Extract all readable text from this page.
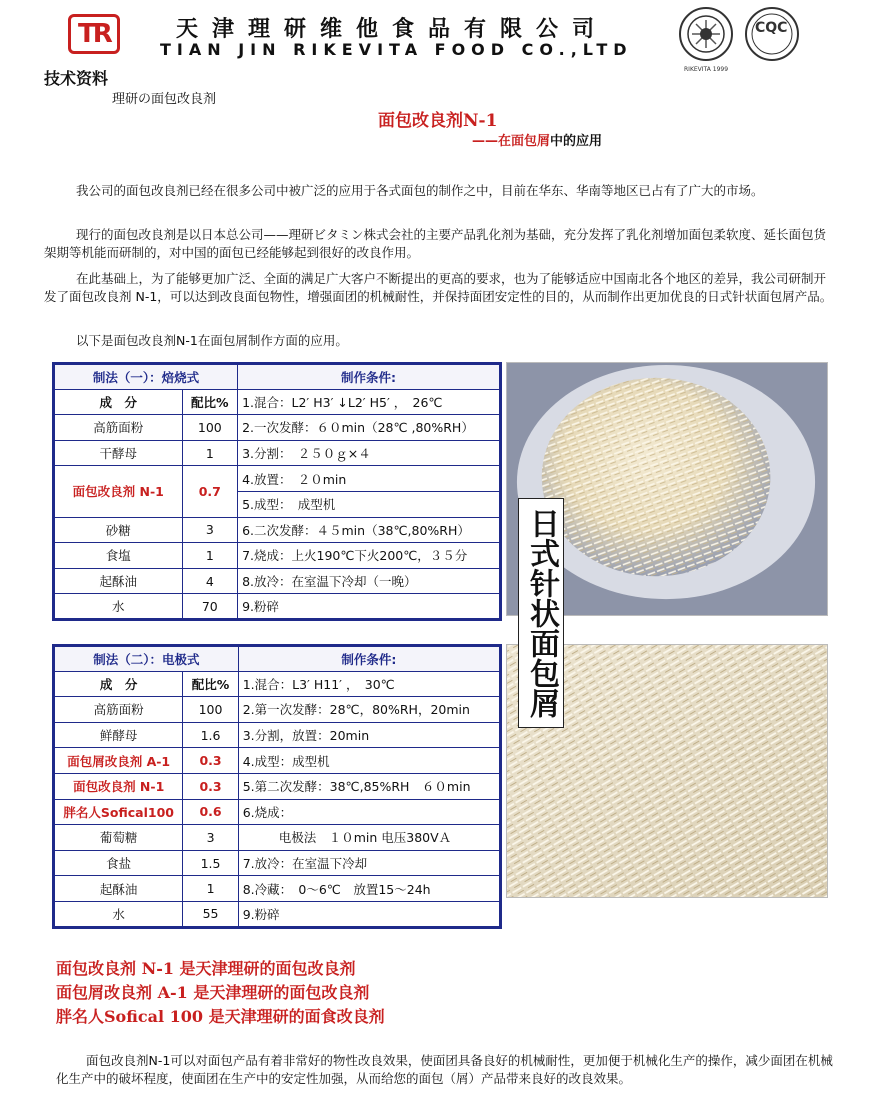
TR	天津理研维他食品有限公司
TIAN JIN RIKEVITA FOOD CO.,LTD
RIKEVITA 1999
CQC
技术资料
理研の面包改良剂
面包改良剂N-1
——在面包屑中的应用
我公司的面包改良剂已经在很多公司中被广泛的应用于各式面包的制作之中，目前在华东、华南等地区已占有了广大的市场。
现行的面包改良剂是以日本总公司——理研ビタミン株式会社的主要产品乳化剂为基础，充分发挥了乳化剂增加面包柔软度、延长面包货架期等机能而研制的，对中国的面包已经能够起到很好的改良作用。
在此基础上，为了能够更加广泛、全面的满足广大客户不断提出的更高的要求，也为了能够适应中国南北各个地区的差异，我公司研制开发了面包改良剂 N-1，可以达到改良面包物性，增强面团的机械耐性，并保持面团安定性的目的，从而制作出更加优良的日式针状面包屑产品。
以下是面包改良剂N-1在面包屑制作方面的应用。
制法（一）：焙烧式		制作条件:
成　分	配比%	1.混合：L2′ H3′ ↓L2′ H5′ ，　26℃
高筋面粉	100	2.一次发酵：６０min（28℃ ,80%RH）
干酵母	1	3.分割：　２５０ｇ×４
面包改良剂 N-1	0.7	4.放置：　２０min
		5.成型：　成型机
砂糖	3	6.二次发酵：４５min（38℃,80%RH）
食塩	1	7.烧成：上火190℃下火200℃，３５分
起酥油	4	8.放冷：在室温下冷却（一晚）
水	70	9.粉碎
制法（二）：电极式		制作条件:
成　分	配比%	1.混合：L3′ H11′ ，　30℃
高筋面粉	100	2.第一次发酵：28℃，80%RH，20min
鲜酵母	1.6	3.分割，放置：20min
面包屑改良剂 A-1	0.3	4.成型：成型机
面包改良剂 N-1	0.3	5.第二次发酵：38℃,85%RH　６０min
胖名人Sofical100	0.6	6.烧成：
葡萄糖	3	电极法　１０min 电压380VＡ
食盐	1.5	7.放冷：在室温下冷却
起酥油	1	8.冷藏：　0～6℃　放置15～24h
水	55	9.粉碎
日式针状面包屑
面包改良剂 N-1 是天津理研的面包改良剂
面包屑改良剂 A-1 是天津理研的面包改良剂
胖名人Sofical 100 是天津理研的面食改良剂
面包改良剂N-1可以对面包产品有着非常好的物性改良效果，使面团具备良好的机械耐性，更加便于机械化生产的操作，减少面团在机械化生产中的破坏程度，使面团在生产中的安定性加强，从而给您的面包（屑）产品带来良好的改良效果。
